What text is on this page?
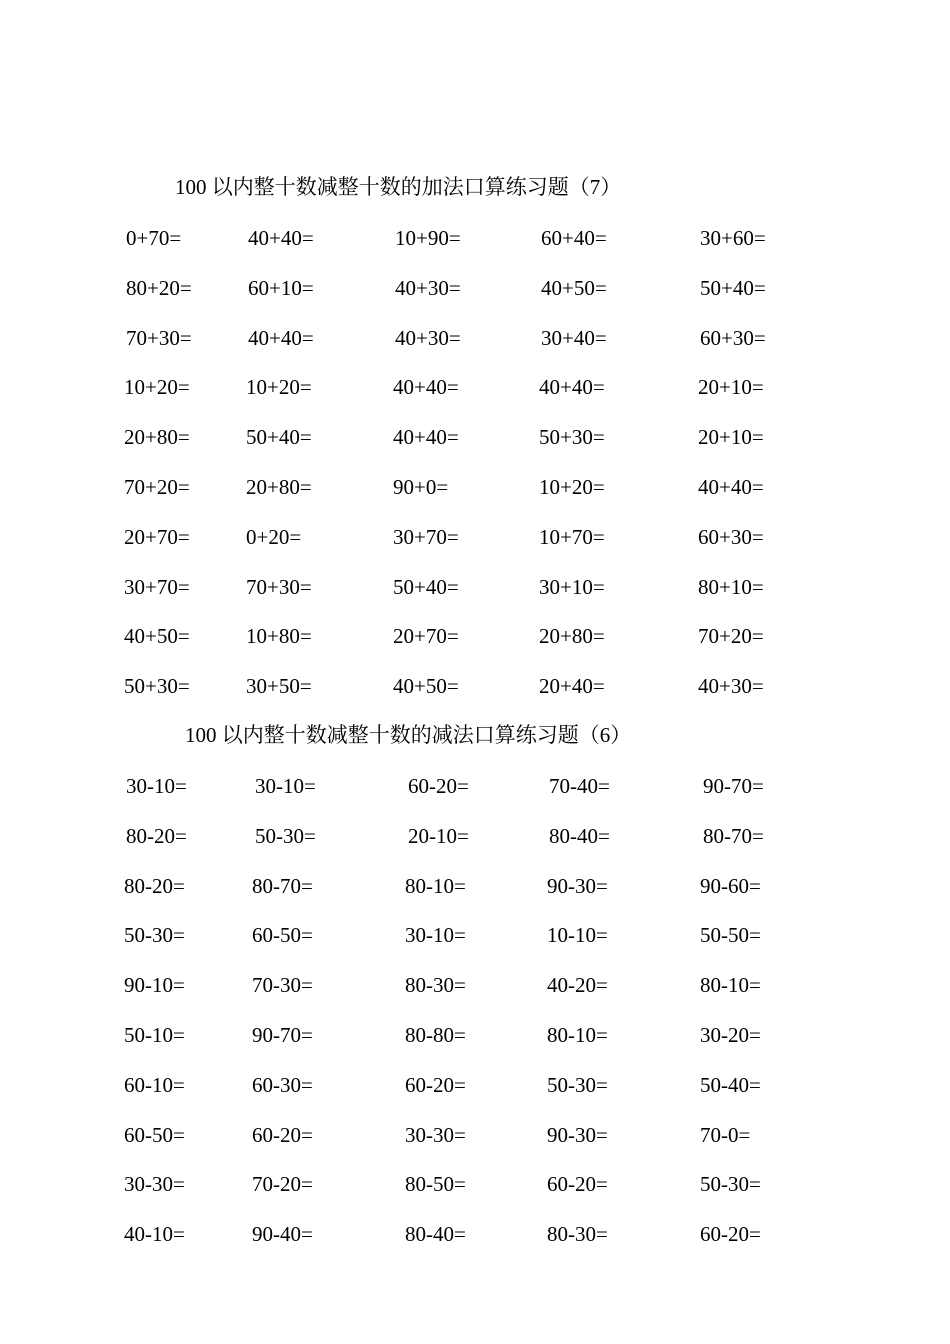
100 以内整十数减整十数的加法口算练习题（7）
0+70=	40+40=	10+90=	60+40=	30+60=
80+20=	60+10=	40+30=	40+50=	50+40=
70+30=	40+40=	40+30=	30+40=	60+30=
10+20=	10+20=	40+40=	40+40=	20+10=
20+80=	50+40=	40+40=	50+30=	20+10=
70+20=	20+80=	90+0=	10+20=	40+40=
20+70=	0+20=	30+70=	10+70=	60+30=
30+70=	70+30=	50+40=	30+10=	80+10=
40+50=	10+80=	20+70=	20+80=	70+20=
50+30=	30+50=	40+50=	20+40=	40+30=
100 以内整十数减整十数的减法口算练习题（6）
30-10=	30-10=	60-20=	70-40=	90-70=
80-20=	50-30=	20-10=	80-40=	80-70=
80-20=	80-70=	80-10=	90-30=	90-60=
50-30=	60-50=	30-10=	10-10=	50-50=
90-10=	70-30=	80-30=	40-20=	80-10=
50-10=	90-70=	80-80=	80-10=	30-20=
60-10=	60-30=	60-20=	50-30=	50-40=
60-50=	60-20=	30-30=	90-30=	70-0=
30-30=	70-20=	80-50=	60-20=	50-30=
40-10=	90-40=	80-40=	80-30=	60-20=
